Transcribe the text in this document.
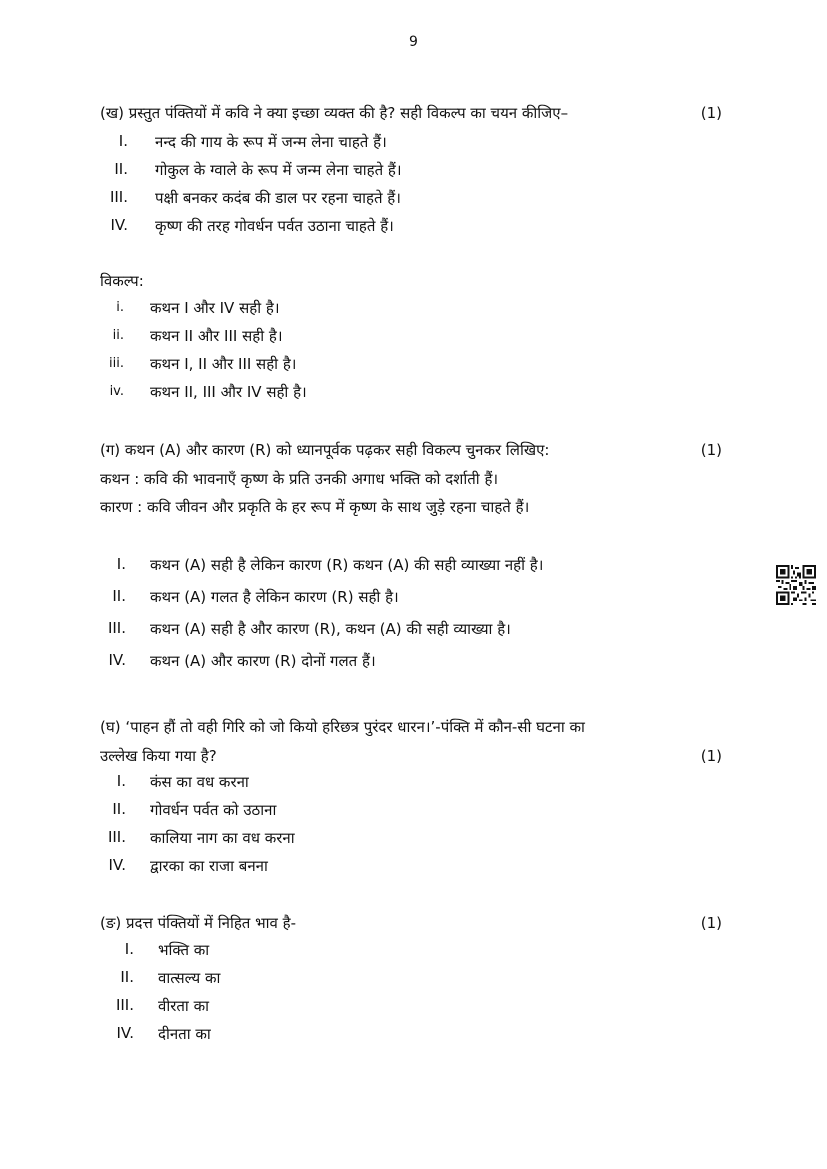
9
(ख) प्रस्तुत पंक्तियों में कवि ने क्या इच्छा व्यक्त की है? सही विकल्प का चयन कीजिए–	(1)
I. नन्द की गाय के रूप में जन्म लेना चाहते हैं।
II. गोकुल के ग्वाले के रूप में जन्म लेना चाहते हैं।
III. पक्षी बनकर कदंब की डाल पर रहना चाहते हैं।
IV. कृष्ण की तरह गोवर्धन पर्वत उठाना चाहते हैं।
विकल्प:
i. कथन I और IV सही है।
ii. कथन II और III सही है।
iii. कथन I, II और III सही है।
iv. कथन II, III और IV सही है।
(ग) कथन (A) और कारण (R) को ध्यानपूर्वक पढ़कर सही विकल्प चुनकर लिखिए:	(1)
कथन : कवि की भावनाएँ कृष्ण के प्रति उनकी अगाध भक्ति को दर्शाती हैं।
कारण : कवि जीवन और प्रकृति के हर रूप में कृष्ण के साथ जुड़े रहना चाहते हैं।
I. कथन (A) सही है लेकिन कारण (R) कथन (A) की सही व्याख्या नहीं है।
II. कथन (A) गलत है लेकिन कारण (R) सही है।
III. कथन (A) सही है और कारण (R), कथन (A) की सही व्याख्या है।
IV. कथन (A) और कारण (R) दोनों गलत हैं।
(घ) ‘पाहन हौं तो वही गिरि को जो कियो हरिछत्र पुरंदर धारन।’-पंक्ति में कौन-सी घटना का
उल्लेख किया गया है?	(1)
I. कंस का वध करना
II. गोवर्धन पर्वत को उठाना
III. कालिया नाग का वध करना
IV. द्वारका का राजा बनना
(ङ) प्रदत्त पंक्तियों में निहित भाव है-	(1)
I. भक्ति का
II. वात्सल्य का
III. वीरता का
IV. दीनता का
